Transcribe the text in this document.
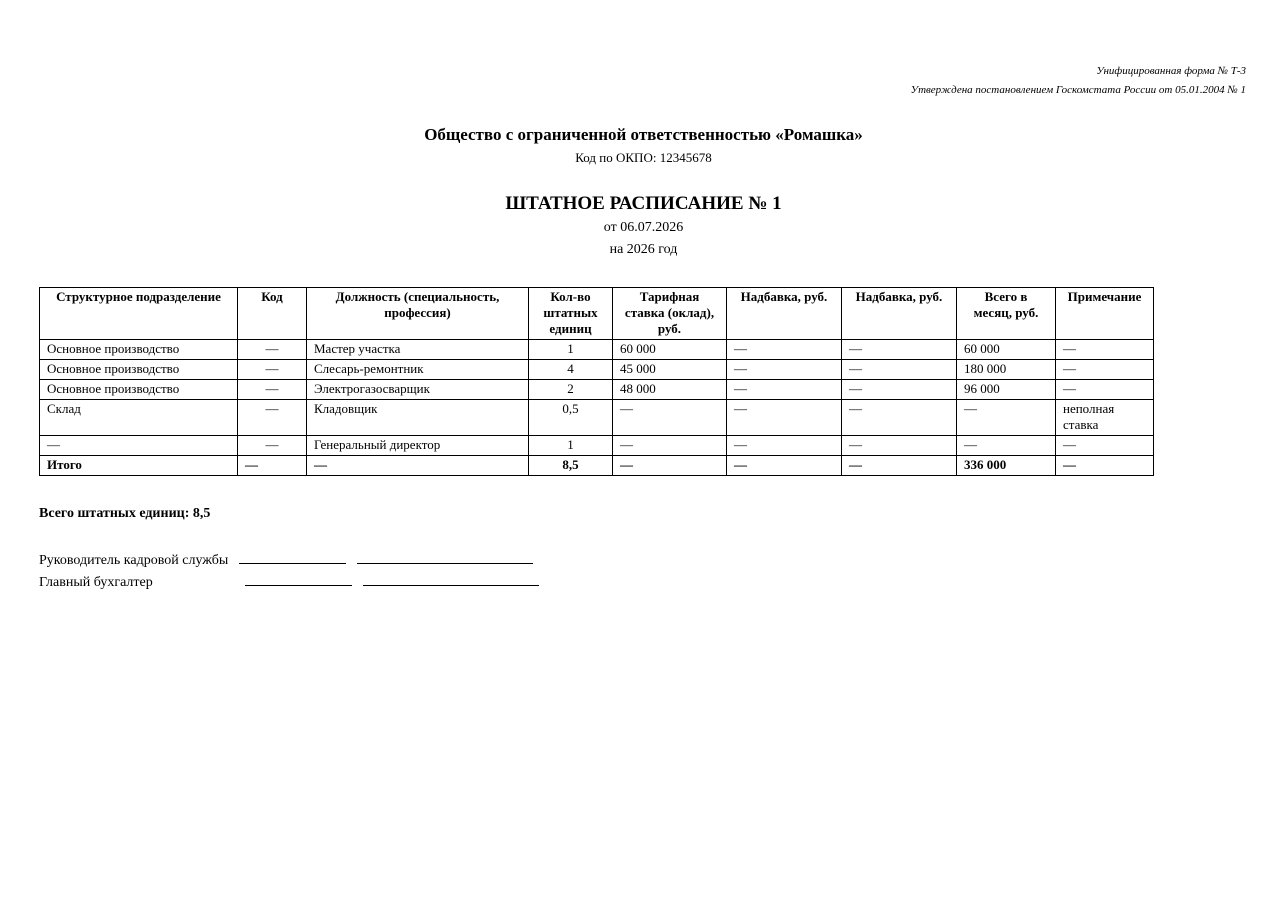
Унифицированная форма № Т-3
Утверждена постановлением Госкомстата России от 05.01.2004 № 1
Общество с ограниченной ответственностью «Ромашка»
Код по ОКПО: 12345678
ШТАТНОЕ РАСПИСАНИЕ № 1
от 06.07.2026
на 2026 год
Структурное подразделение	Код	Должность (специальность, профессия)	Кол-во штатных единиц	Тарифная ставка (оклад), руб.	Надбавка, руб.	Надбавка, руб.	Всего в месяц, руб.	Примечание
Основное производство	—	Мастер участка	1	60 000	—	—	60 000	—
Основное производство	—	Слесарь-ремонтник	4	45 000	—	—	180 000	—
Основное производство	—	Электрогазосварщик	2	48 000	—	—	96 000	—
Склад	—	Кладовщик	0,5	—	—	—	—	неполная ставка
—	—	Генеральный директор	1	—	—	—	—	—
Итого	—	—	8,5	—	—	—	336 000	—
Всего штатных единиц: 8,5
Руководитель кадровой службы
Главный бухгалтер
